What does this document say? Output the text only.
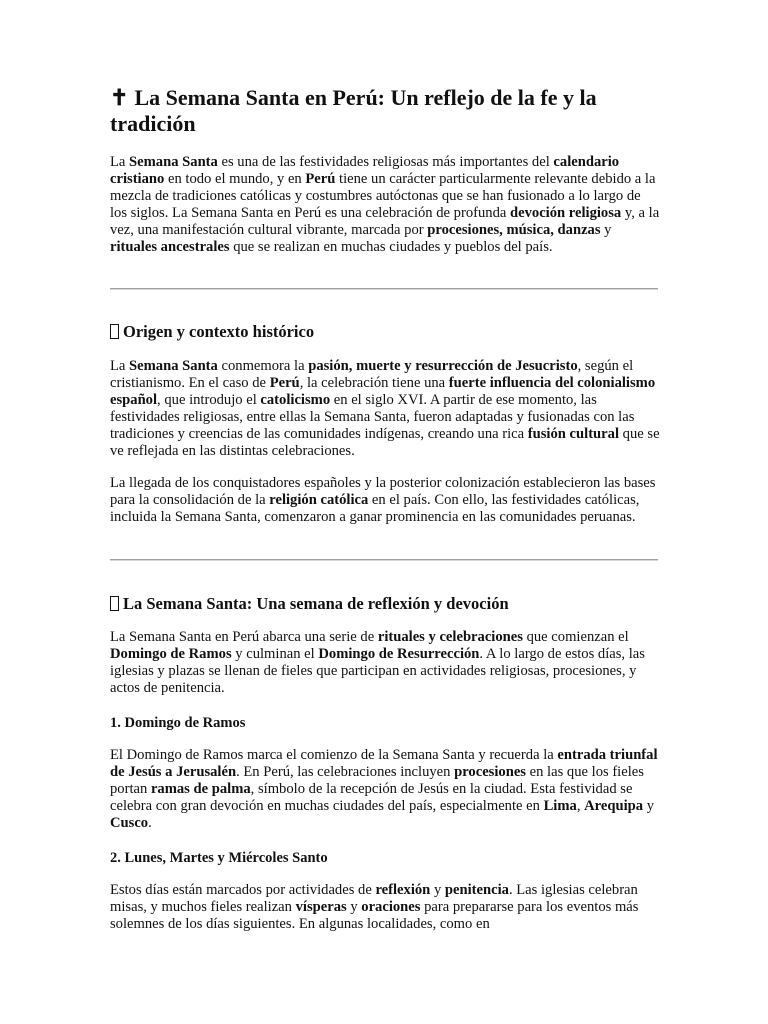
✝ La Semana Santa en Perú: Un reflejo de la fe y la tradición

La Semana Santa es una de las festividades religiosas más importantes del calendario cristiano en todo el mundo, y en Perú tiene un carácter particularmente relevante debido a la mezcla de tradiciones católicas y costumbres autóctonas que se han fusionado a lo largo de los siglos. La Semana Santa en Perú es una celebración de profunda devoción religiosa y, a la vez, una manifestación cultural vibrante, marcada por procesiones, música, danzas y rituales ancestrales que se realizan en muchas ciudades y pueblos del país.

Origen y contexto histórico

La Semana Santa conmemora la pasión, muerte y resurrección de Jesucristo, según el cristianismo. En el caso de Perú, la celebración tiene una fuerte influencia del colonialismo español, que introdujo el catolicismo en el siglo XVI. A partir de ese momento, las festividades religiosas, entre ellas la Semana Santa, fueron adaptadas y fusionadas con las tradiciones y creencias de las comunidades indígenas, creando una rica fusión cultural que se ve reflejada en las distintas celebraciones.

La llegada de los conquistadores españoles y la posterior colonización establecieron las bases para la consolidación de la religión católica en el país. Con ello, las festividades católicas, incluida la Semana Santa, comenzaron a ganar prominencia en las comunidades peruanas.

La Semana Santa: Una semana de reflexión y devoción

La Semana Santa en Perú abarca una serie de rituales y celebraciones que comienzan el Domingo de Ramos y culminan el Domingo de Resurrección. A lo largo de estos días, las iglesias y plazas se llenan de fieles que participan en actividades religiosas, procesiones, y actos de penitencia.

1. Domingo de Ramos

El Domingo de Ramos marca el comienzo de la Semana Santa y recuerda la entrada triunfal de Jesús a Jerusalén. En Perú, las celebraciones incluyen procesiones en las que los fieles portan ramas de palma, símbolo de la recepción de Jesús en la ciudad. Esta festividad se celebra con gran devoción en muchas ciudades del país, especialmente en Lima, Arequipa y Cusco.

2. Lunes, Martes y Miércoles Santo

Estos días están marcados por actividades de reflexión y penitencia. Las iglesias celebran misas, y muchos fieles realizan vísperas y oraciones para prepararse para los eventos más solemnes de los días siguientes. En algunas localidades, como en
